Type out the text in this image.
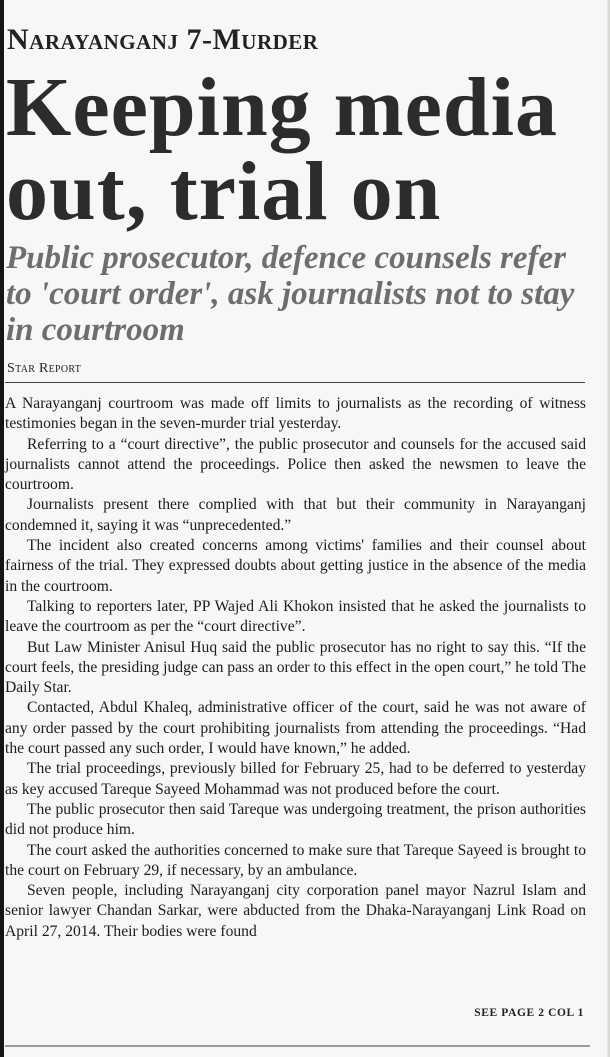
Narayanganj 7-Murder
Keeping media out, trial on
Public prosecutor, defence counsels refer to 'court order', ask journalists not to stay in courtroom
Star Report

A Narayanganj courtroom was made off limits to journalists as the recording of witness testimonies began in the seven-murder trial yesterday.

Referring to a “court directive”, the public prosecutor and counsels for the accused said journalists cannot attend the proceedings. Police then asked the newsmen to leave the courtroom.

Journalists present there complied with that but their community in Narayanganj condemned it, saying it was “unprecedented.”

The incident also created concerns among victims' families and their counsel about fairness of the trial. They expressed doubts about getting justice in the absence of the media in the courtroom.

Talking to reporters later, PP Wajed Ali Khokon insisted that he asked the journalists to leave the courtroom as per the “court directive”.

But Law Minister Anisul Huq said the public prosecutor has no right to say this. “If the court feels, the presiding judge can pass an order to this effect in the open court,” he told The Daily Star.

Contacted, Abdul Khaleq, administrative officer of the court, said he was not aware of any order passed by the court prohibiting journalists from attending the proceedings. “Had the court passed any such order, I would have known,” he added.

The trial proceedings, previously billed for February 25, had to be deferred to yesterday as key accused Tareque Sayeed Mohammad was not produced before the court.

The public prosecutor then said Tareque was undergoing treatment, the prison authorities did not produce him.

The court asked the authorities concerned to make sure that Tareque Sayeed is brought to the court on February 29, if necessary, by an ambulance.

Seven people, including Narayanganj city corporation panel mayor Nazrul Islam and senior lawyer Chandan Sarkar, were abducted from the Dhaka-Narayanganj Link Road on April 27, 2014. Their bodies were found

SEE PAGE 2 COL 1
